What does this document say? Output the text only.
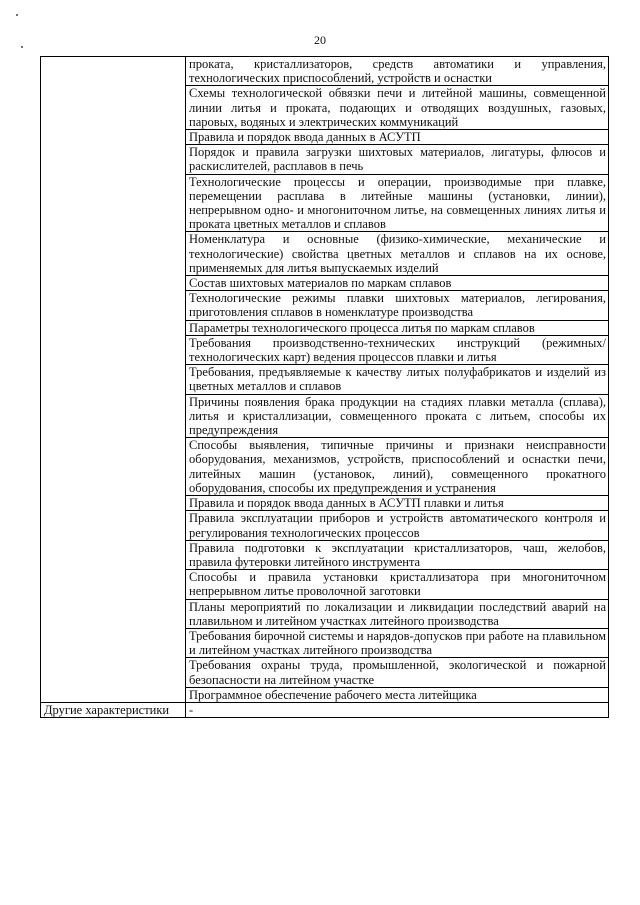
20

	проката, кристаллизаторов, средств автоматики и управления, технологических приспособлений, устройств и оснастки

	Схемы технологической обвязки печи и литейной машины, совмещенной линии литья и проката, подающих и отводящих воздушных, газовых, паровых, водяных и электрических коммуникаций

	Правила и порядок ввода данных в АСУТП

	Порядок и правила загрузки шихтовых материалов, лигатуры, флюсов и раскислителей, расплавов в печь

	Технологические процессы и операции, производимые при плавке, перемещении расплава в литейные машины (установки, линии), непрерывном одно- и многониточном литье, на совмещенных линиях литья и проката цветных металлов и сплавов

	Номенклатура и основные (физико-химические, механические и технологические) свойства цветных металлов и сплавов на их основе, применяемых для литья выпускаемых изделий

	Состав шихтовых материалов по маркам сплавов

	Технологические режимы плавки шихтовых материалов, легирования, приготовления сплавов в номенклатуре производства

	Параметры технологического процесса литья по маркам сплавов

	Требования производственно-технических инструкций (режимных/технологических карт) ведения процессов плавки и литья

	Требования, предъявляемые к качеству литых полуфабрикатов и изделий из цветных металлов и сплавов

	Причины появления брака продукции на стадиях плавки металла (сплава), литья и кристаллизации, совмещенного проката с литьем, способы их предупреждения

	Способы выявления, типичные причины и признаки неисправности оборудования, механизмов, устройств, приспособлений и оснастки печи, литейных машин (установок, линий), совмещенного прокатного оборудования, способы их предупреждения и устранения

	Правила и порядок ввода данных в АСУТП плавки и литья

	Правила эксплуатации приборов и устройств автоматического контроля и регулирования технологических процессов

	Правила подготовки к эксплуатации кристаллизаторов, чаш, желобов, правила футеровки литейного инструмента

	Способы и правила установки кристаллизатора при многониточном непрерывном литье проволочной заготовки

	Планы мероприятий по локализации и ликвидации последствий аварий на плавильном и литейном участках литейного производства

	Требования бирочной системы и нарядов-допусков при работе на плавильном и литейном участках литейного производства

	Требования охраны труда, промышленной, экологической и пожарной безопасности на литейном участке

	Программное обеспечение рабочего места литейщика

Другие характеристики	-
